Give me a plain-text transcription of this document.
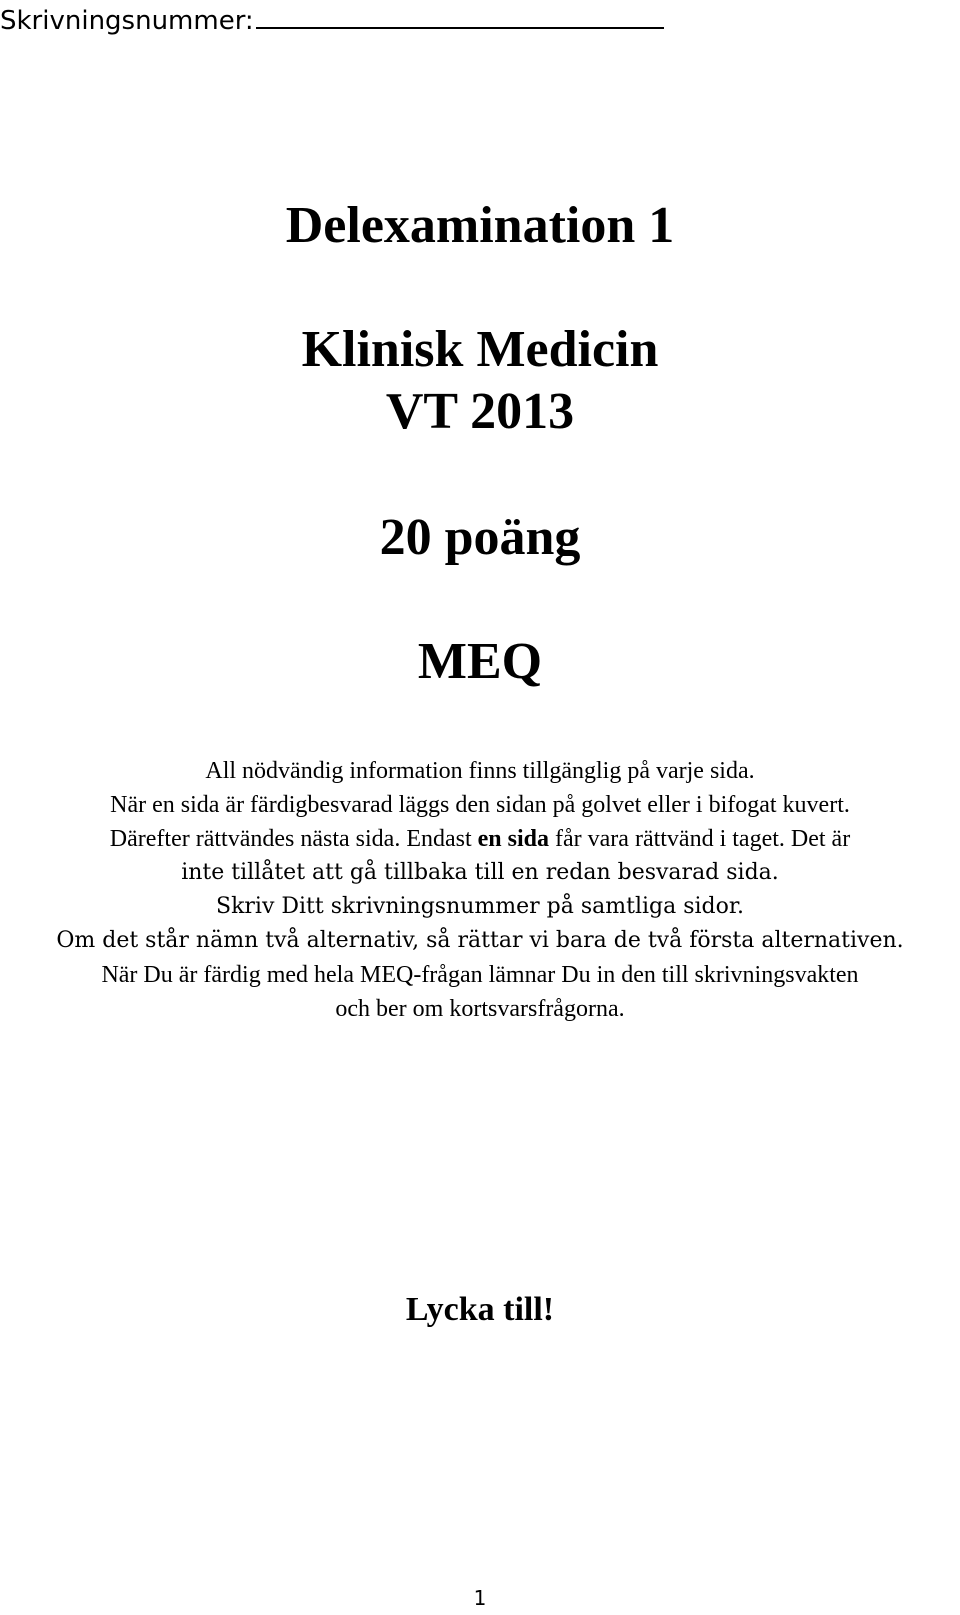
Skrivningsnummer:
Delexamination 1
Klinisk Medicin
VT 2013
20 poäng
MEQ
All nödvändig information finns tillgänglig på varje sida.
När en sida är färdigbesvarad läggs den sidan på golvet eller i bifogat kuvert.
Därefter rättvändes nästa sida. Endast en sida får vara rättvänd i taget. Det är
inte tillåtet att gå tillbaka till en redan besvarad sida.
Skriv Ditt skrivningsnummer på samtliga sidor.
Om det står nämn två alternativ, så rättar vi bara de två första alternativen.
När Du är färdig med hela MEQ-frågan lämnar Du in den till skrivningsvakten
och ber om kortsvarsfrågorna.
Lycka till!
1
